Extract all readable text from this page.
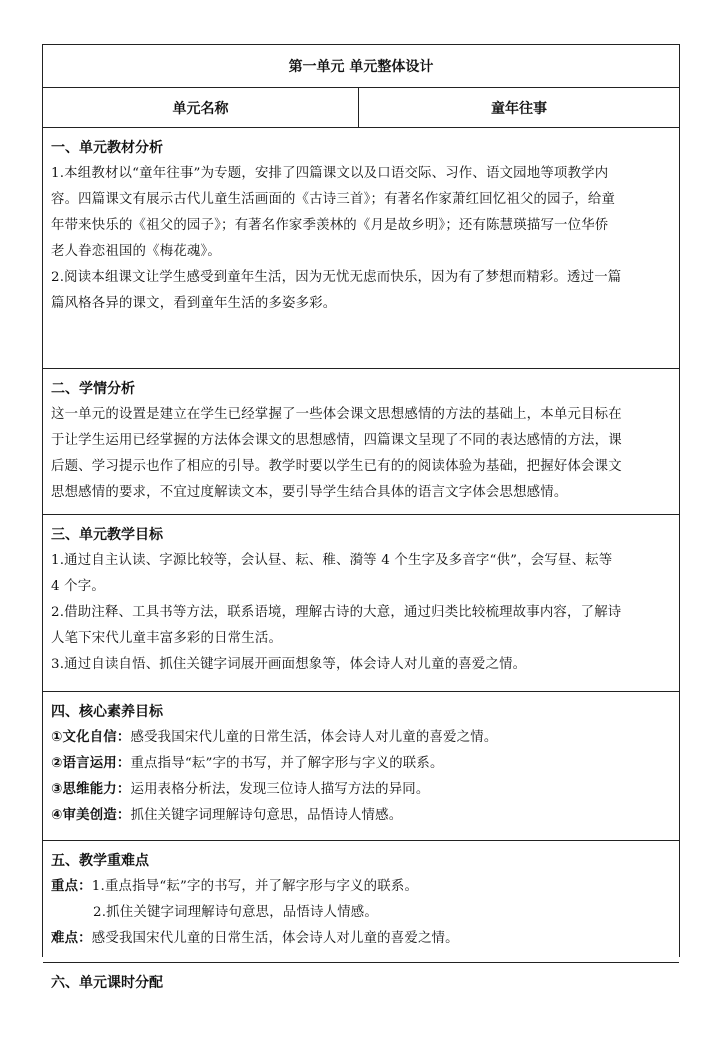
第一单元 单元整体设计
单元名称	童年往事
一、单元教材分析

1.本组教材以“童年往事”为专题，安排了四篇课文以及口语交际、习作、语文园地等项教学内

容。四篇课文有展示古代儿童生活画面的《古诗三首》；有著名作家萧红回忆祖父的园子，给童

年带来快乐的《祖父的园子》；有著名作家季羡林的《月是故乡明》；还有陈慧瑛描写一位华侨

老人眷恋祖国的《梅花魂》。

2.阅读本组课文让学生感受到童年生活，因为无忧无虑而快乐，因为有了梦想而精彩。透过一篇

篇风格各异的课文，看到童年生活的多姿多彩。

二、学情分析

这一单元的设置是建立在学生已经掌握了一些体会课文思想感情的方法的基础上，本单元目标在

于让学生运用已经掌握的方法体会课文的思想感情，四篇课文呈现了不同的表达感情的方法，课

后题、学习提示也作了相应的引导。教学时要以学生已有的的阅读体验为基础，把握好体会课文

思想感情的要求，不宜过度解读文本，要引导学生结合具体的语言文字体会思想感情。

三、单元教学目标

1.通过自主认读、字源比较等，会认昼、耘、稚、漪等 4 个生字及多音字“供”，会写昼、耘等

4 个字。

2.借助注释、工具书等方法，联系语境，理解古诗的大意，通过归类比较梳理故事内容，了解诗

人笔下宋代儿童丰富多彩的日常生活。

3.通过自读自悟、抓住关键字词展开画面想象等，体会诗人对儿童的喜爱之情。

四、核心素养目标

①文化自信：感受我国宋代儿童的日常生活，体会诗人对儿童的喜爱之情。

②语言运用：重点指导“耘”字的书写，并了解字形与字义的联系。

③思维能力：运用表格分析法，发现三位诗人描写方法的异同。

④审美创造：抓住关键字词理解诗句意思，品悟诗人情感。

五、教学重难点

重点：1.重点指导“耘”字的书写，并了解字形与字义的联系。

2.抓住关键字词理解诗句意思，品悟诗人情感。

难点：感受我国宋代儿童的日常生活，体会诗人对儿童的喜爱之情。

六、单元课时分配
